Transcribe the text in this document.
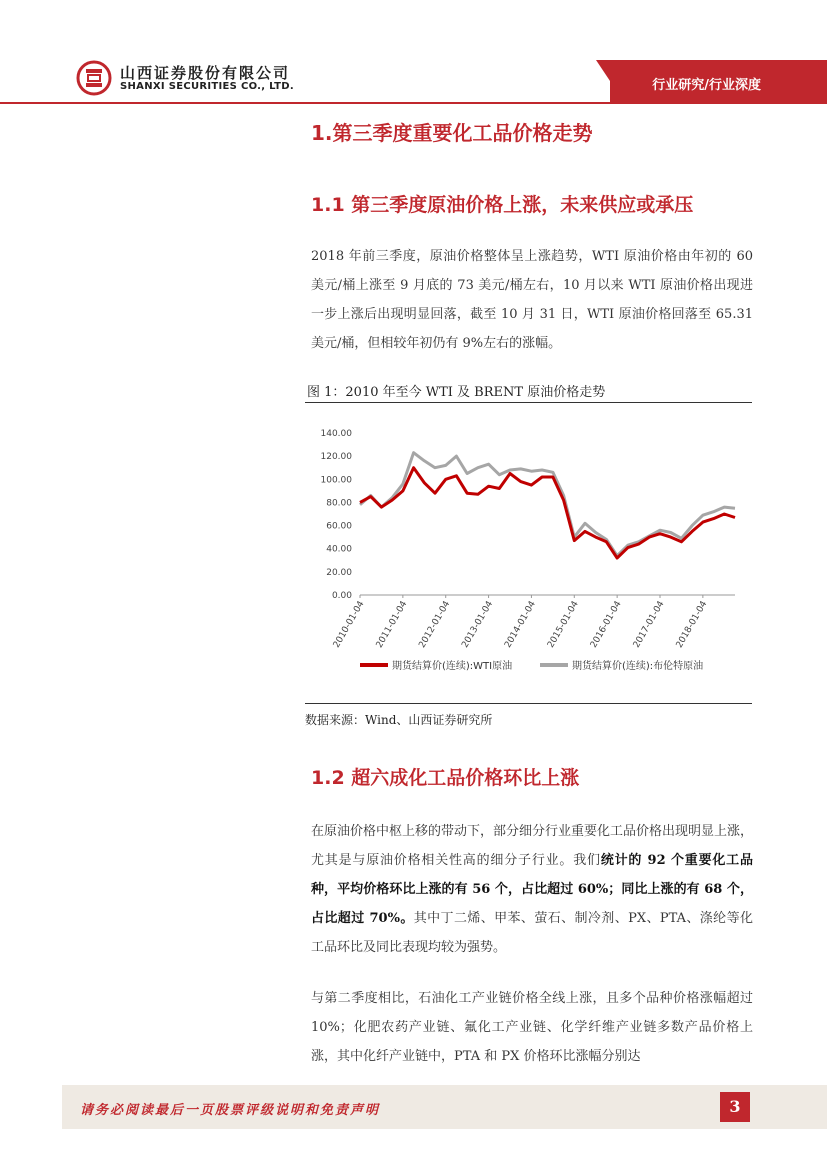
山西证券股份有限公司
SHANXI SECURITIES CO., LTD.	行业研究/行业深度
1.第三季度重要化工品价格走势
1.1 第三季度原油价格上涨，未来供应或承压
2018 年前三季度，原油价格整体呈上涨趋势，WTI 原油价格由年初的 60 美元/桶上涨至 9 月底的 73 美元/桶左右，10 月以来 WTI 原油价格出现进一步上涨后出现明显回落，截至 10 月 31 日，WTI 原油价格回落至 65.31 美元/桶，但相较年初仍有 9%左右的涨幅。
图 1：2010 年至今 WTI 及 BRENT 原油价格走势
0.00
20.00
40.00
60.00
80.00
100.00
120.00
140.00
2010-01-04 2011-01-04 2012-01-04 2013-01-04 2014-01-04 2015-01-04 2016-01-04 2017-01-04 2018-01-04
期货结算价(连续):WTI原油	期货结算价(连续):布伦特原油
数据来源：Wind、山西证券研究所
1.2 超六成化工品价格环比上涨
在原油价格中枢上移的带动下，部分细分行业重要化工品价格出现明显上涨，尤其是与原油价格相关性高的细分子行业。我们统计的 92 个重要化工品种，平均价格环比上涨的有 56 个，占比超过 60%；同比上涨的有 68 个，占比超过 70%。其中丁二烯、甲苯、萤石、制冷剂、PX、PTA、涤纶等化工品环比及同比表现均较为强势。
与第二季度相比，石油化工产业链价格全线上涨，且多个品种价格涨幅超过 10%；化肥农药产业链、氟化工产业链、化学纤维产业链多数产品价格上涨，其中化纤产业链中，PTA 和 PX 价格环比涨幅分别达
请务必阅读最后一页股票评级说明和免责声明	3
